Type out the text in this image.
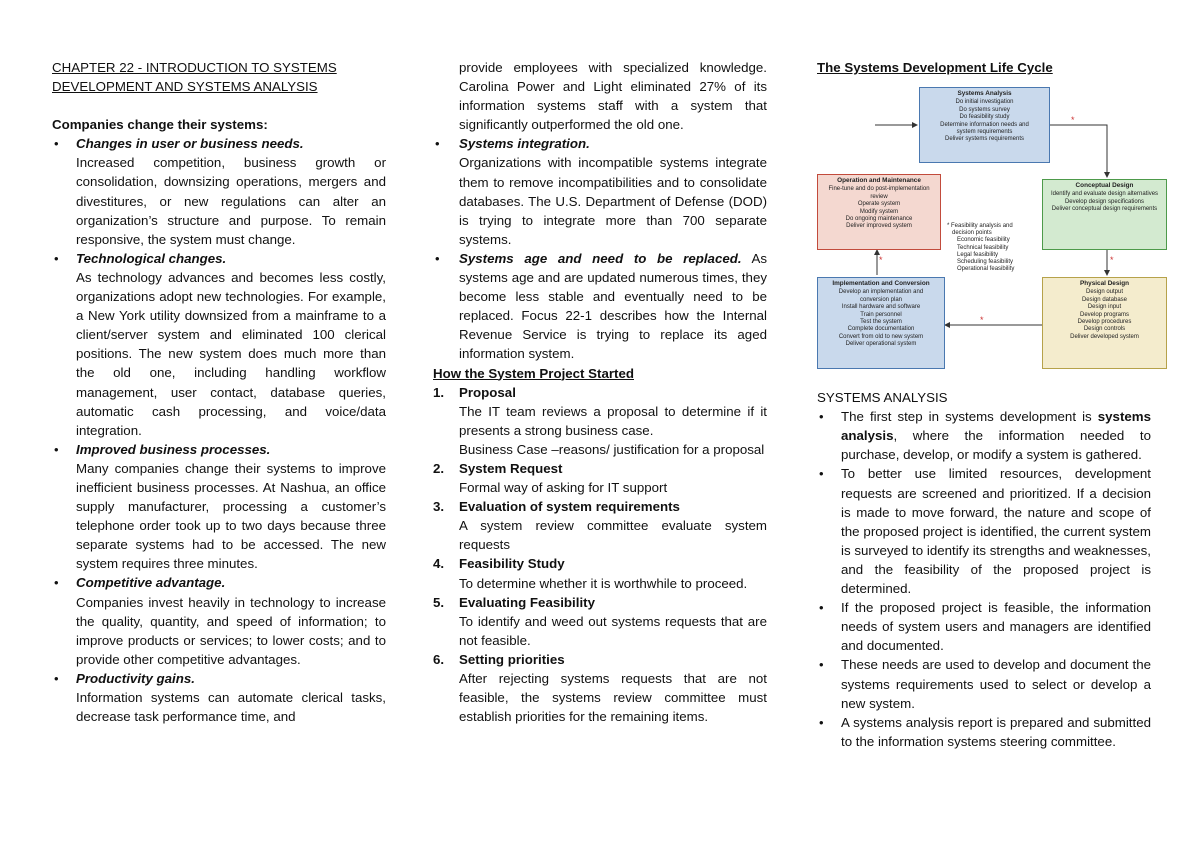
CHAPTER 22 - INTRODUCTION TO SYSTEMS
DEVELOPMENT AND SYSTEMS ANALYSIS
Companies change their systems:
• Changes in user or business needs.
Increased competition, business growth or consolidation, downsizing operations, mergers and divestitures, or new regulations can alter an organization’s structure and purpose. To remain responsive, the system must change.
• Technological changes.
As technology advances and becomes less costly, organizations adopt new technologies. For example, a New York utility downsized from a mainframe to a client/server system and eliminated 100 clerical positions. The new system does much more than the old one, including handling workflow management, user contact, database queries, automatic cash processing, and voice/data integration.
• Improved business processes.
Many companies change their systems to improve inefficient business processes. At Nashua, an office supply manufacturer, processing a customer’s telephone order took up to two days because three separate systems had to be accessed. The new system requires three minutes.
• Competitive advantage.
Companies invest heavily in technology to increase the quality, quantity, and speed of information; to improve products or services; to lower costs; and to provide other competitive advantages.
• Productivity gains.
Information systems can automate clerical tasks, decrease task performance time, and
provide employees with specialized knowledge. Carolina Power and Light eliminated 27% of its information systems staff with a system that significantly outperformed the old one.
• Systems integration.
Organizations with incompatible systems integrate them to remove incompatibilities and to consolidate databases. The U.S. Department of Defense (DOD) is trying to integrate more than 700 separate systems.
• Systems age and need to be replaced. As systems age and are updated numerous times, they become less stable and eventually need to be replaced. Focus 22-1 describes how the Internal Revenue Service is trying to replace its aged information system.
How the System Project Started
1. Proposal
The IT team reviews a proposal to determine if it presents a strong business case.
Business Case –reasons/ justification for a proposal
2. System Request
Formal way of asking for IT support
3. Evaluation of system requirements
A system review committee evaluate system requests
4. Feasibility Study
To determine whether it is worthwhile to proceed.
5. Evaluating Feasibility
To identify and weed out systems requests that are not feasible.
6. Setting priorities
After rejecting systems requests that are not feasible, the systems review committee must establish priorities for the remaining items.
The Systems Development Life Cycle
SYSTEMS ANALYSIS
• The first step in systems development is systems analysis, where the information needed to purchase, develop, or modify a system is gathered.
• To better use limited resources, development requests are screened and prioritized. If a decision is made to move forward, the nature and scope of the proposed project is identified, the current system is surveyed to identify its strengths and weaknesses, and the feasibility of the proposed project is determined.
• If the proposed project is feasible, the information needs of system users and managers are identified and documented.
• These needs are used to develop and document the systems requirements used to select or develop a new system.
• A systems analysis report is prepared and submitted to the information systems steering committee.
Systems Analysis
Do initial investigation
Do systems survey
Do feasibility study
Determine information needs and
system requirements
Deliver systems requirements
Conceptual Design
Identify and evaluate design alternatives
Develop design specifications
Deliver conceptual design requirements
Physical Design
Design output
Design database
Design input
Develop programs
Develop procedures
Design controls
Deliver developed system
Implementation and Conversion
Develop an implementation and
conversion plan
Install hardware and software
Train personnel
Test the system
Complete documentation
Convert from old to new system
Deliver operational system
Operation and Maintenance
Fine-tune and do post-implementation
review
Operate system
Modify system
Do ongoing maintenance
Deliver improved system	* Feasibility analysis and
decision points
Economic feasibility
Technical feasibility
Legal feasibility
Scheduling feasibility
Operational feasibility
*
*
*
*
